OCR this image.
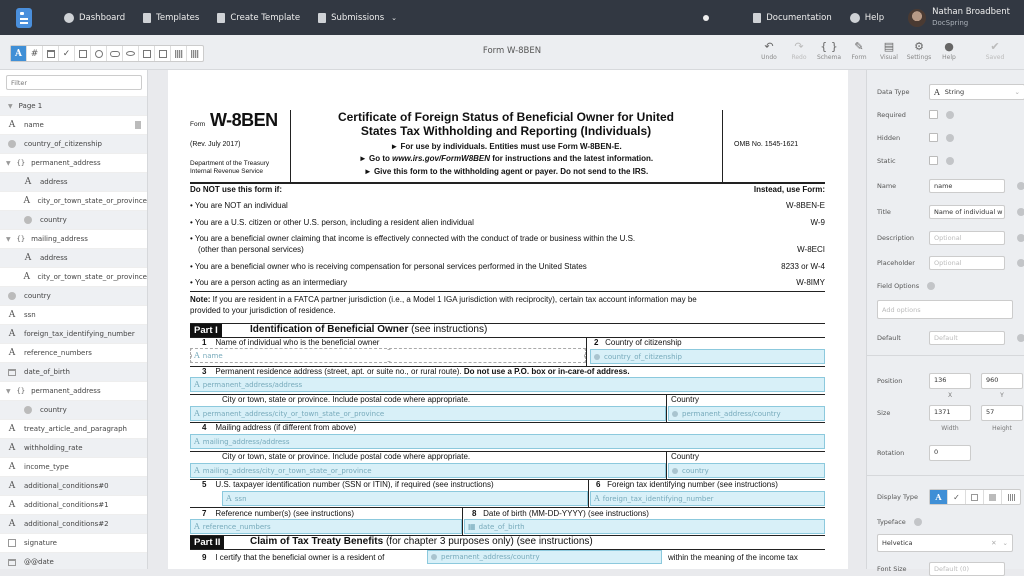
Dashboard	Templates	Create Template	Submissions ⌄	Documentation	Help
Nathan Broadbent
DocSpring
A #	✓	Form W-8BEN	↶
Undo
↷
Redo
{ }
Schema
✎
Form
▤
Visual
⚙
Settings
●
Help
✔
Saved
Filter
▼ Page 1
A	name
country_of_citizenship
▼ {} permanent_address
A	address
A city_or_town_state_or_province
country
▼ {} mailing_address
A	address
A city_or_town_state_or_province
country
A	ssn
A	foreign_tax_identifying_number
A	reference_numbers
date_of_birth
▼ {} permanent_address
country
A	treaty_article_and_paragraph
A	withholding_rate
A	income_type
A	additional_conditions#0
A	additional_conditions#1
A	additional_conditions#2
signature
@@date
Form W-8BEN
(Rev. July 2017)
Department of the Treasury
Internal Revenue Service
Certificate of Foreign Status of Beneficial Owner for United
States Tax Withholding and Reporting (Individuals)
► For use by individuals. Entities must use Form W-8BEN-E.
► Go to www.irs.gov/FormW8BEN for instructions and the latest information.
► Give this form to the withholding agent or payer. Do not send to the IRS.
OMB No. 1545-1621
Do NOT use this form if:	Instead, use Form:
• You are NOT an individual	W-8BEN-E
• You are a U.S. citizen or other U.S. person, including a resident alien individual	W-9
• You are a beneficial owner claiming that income is effectively connected with the conduct of trade or business within the U.S.
(other than personal services)	W-8ECI
• You are a beneficial owner who is receiving compensation for personal services performed in the United States	8233 or W-4
• You are a person acting as an intermediary	W-8IMY
Note: If you are resident in a FATCA partner jurisdiction (i.e., a Model 1 IGA jurisdiction with reciprocity), certain tax account information may be
provided to your jurisdiction of residence.
Part I	Identification of Beneficial Owner (see instructions)
1 Name of individual who is the beneficial owner	2 Country of citizenship
A name	country_of_citizenship
3 Permanent residence address (street, apt. or suite no., or rural route). Do not use a P.O. box or in-care-of address.
A permanent_address/address
City or town, state or province. Include postal code where appropriate.	Country
A permanent_address/city_or_town_state_or_province	permanent_address/country
4 Mailing address (if different from above)
A mailing_address/address
City or town, state or province. Include postal code where appropriate.	Country
A mailing_address/city_or_town_state_or_province	country
5 U.S. taxpayer identification number (SSN or ITIN), if required (see instructions)	6 Foreign tax identifying number (see instructions)
A ssn	A foreign_tax_identifying_number
7 Reference number(s) (see instructions)	8 Date of birth (MM-DD-YYYY) (see instructions)
A reference_numbers	▦ date_of_birth
Part II	Claim of Tax Treaty Benefits (for chapter 3 purposes only) (see instructions)
9 I certify that the beneficial owner is a resident of	permanent_address/country	within the meaning of the income tax
Data Type	A String	⌄
Required
Hidden
Static
Name	name
Title	Name of individual w
Description	Optional
Placeholder	Optional
Field Options
Add options
Default	Default
Position	136	960
X	Y
Size	1371	57
Width	Height
Rotation	0
Display Type	A	✓
Typeface
Helvetica	✕ ⌄
Font Size	Default (0)
